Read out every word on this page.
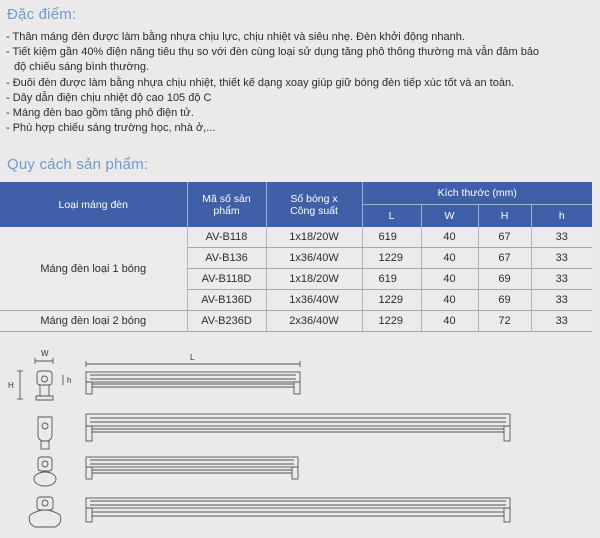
Đặc điểm:
- Thân máng đèn được làm bằng nhựa chịu lực, chịu nhiệt và siêu nhẹ. Đèn khởi động nhanh.
- Tiết kiệm gần 40% điện năng tiêu thụ so với đèn cùng loại sử dụng tăng phô thông thường mà vẫn đảm bảo
độ chiếu sáng bình thường.
- Đuôi đèn được làm bằng nhựa chịu nhiệt, thiết kế dạng xoay giúp giữ bóng đèn tiếp xúc tốt và an toàn.
- Dây dẫn điện chịu nhiệt độ cao 105 độ C
- Máng đèn bao gồm tăng phô điện tử.
- Phù hợp chiếu sáng trường học, nhà ở,...
Quy cách sản phẩm:
Loại máng đèn	Mã số sản phẩm	Số bóng x Công suất	Kích thước (mm)			
			L	W	H	h
Máng đèn loại 1 bóng	AV-B118	1x18/20W	619	40	67	33
	AV-B136	1x36/40W	1229	40	67	33
	AV-B118D	1x18/20W	619	40	69	33
	AV-B136D	1x36/40W	1229	40	69	33
Máng đèn loại 2 bóng	AV-B236D	2x36/40W	1229	40	72	33
W	L
H
h
